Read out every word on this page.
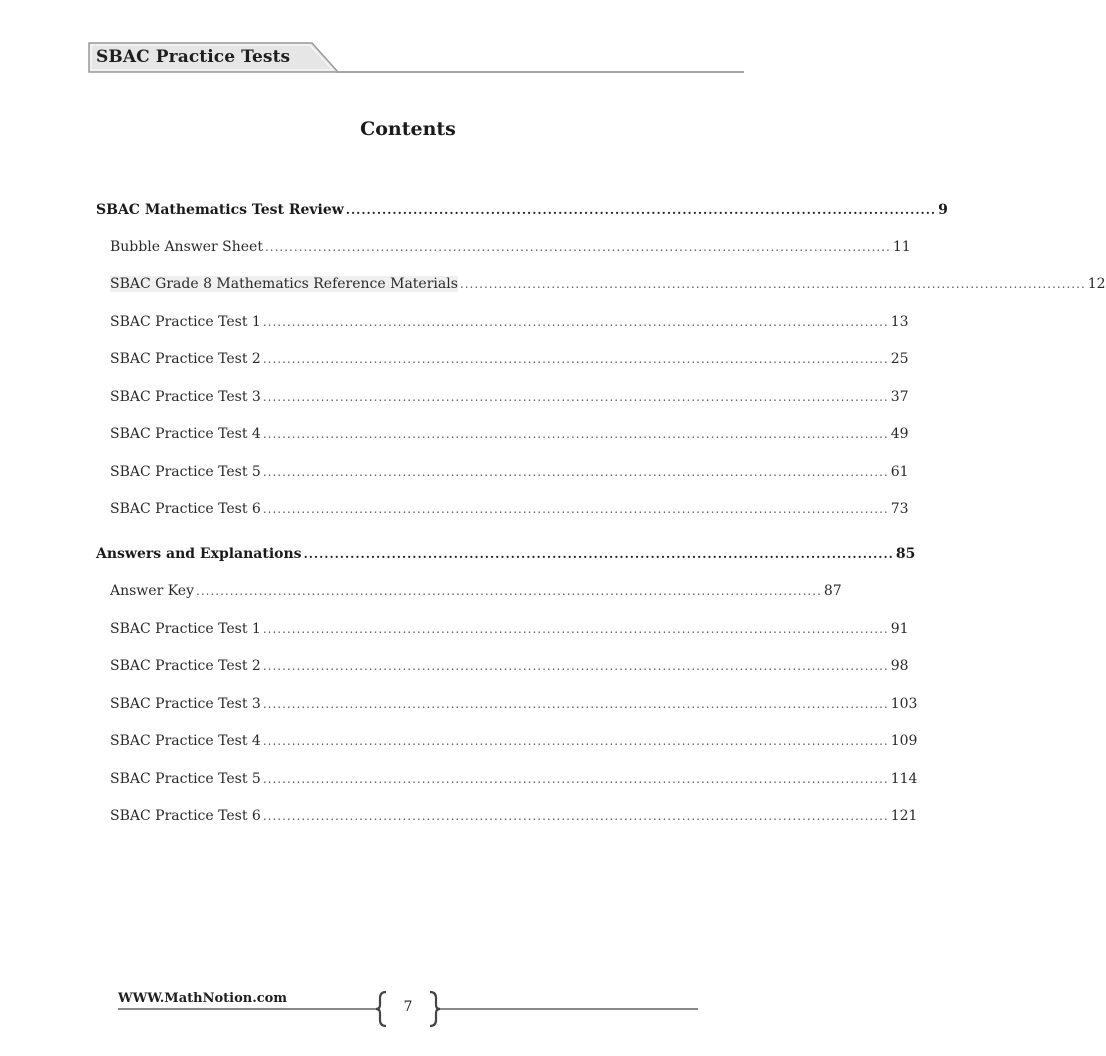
SBAC Practice Tests
Contents
SBAC Mathematics Test Review .................................................................................................................. 9
Bubble Answer Sheet .................................................................................................................................. 11
SBAC Grade 8 Mathematics Reference Materials .................................................................................................................................. 12
SBAC Practice Test 1 .................................................................................................................................. 13
SBAC Practice Test 2 .................................................................................................................................. 25
SBAC Practice Test 3 .................................................................................................................................. 37
SBAC Practice Test 4 .................................................................................................................................. 49
SBAC Practice Test 5 .................................................................................................................................. 61
SBAC Practice Test 6 .................................................................................................................................. 73
Answers and Explanations .................................................................................................................. 85
Answer Key .................................................................................................................................. 87
SBAC Practice Test 1 .................................................................................................................................. 91
SBAC Practice Test 2 .................................................................................................................................. 98
SBAC Practice Test 3 .................................................................................................................................. 103
SBAC Practice Test 4 .................................................................................................................................. 109
SBAC Practice Test 5 .................................................................................................................................. 114
SBAC Practice Test 6 .................................................................................................................................. 121
WWW.MathNotion.com
7
